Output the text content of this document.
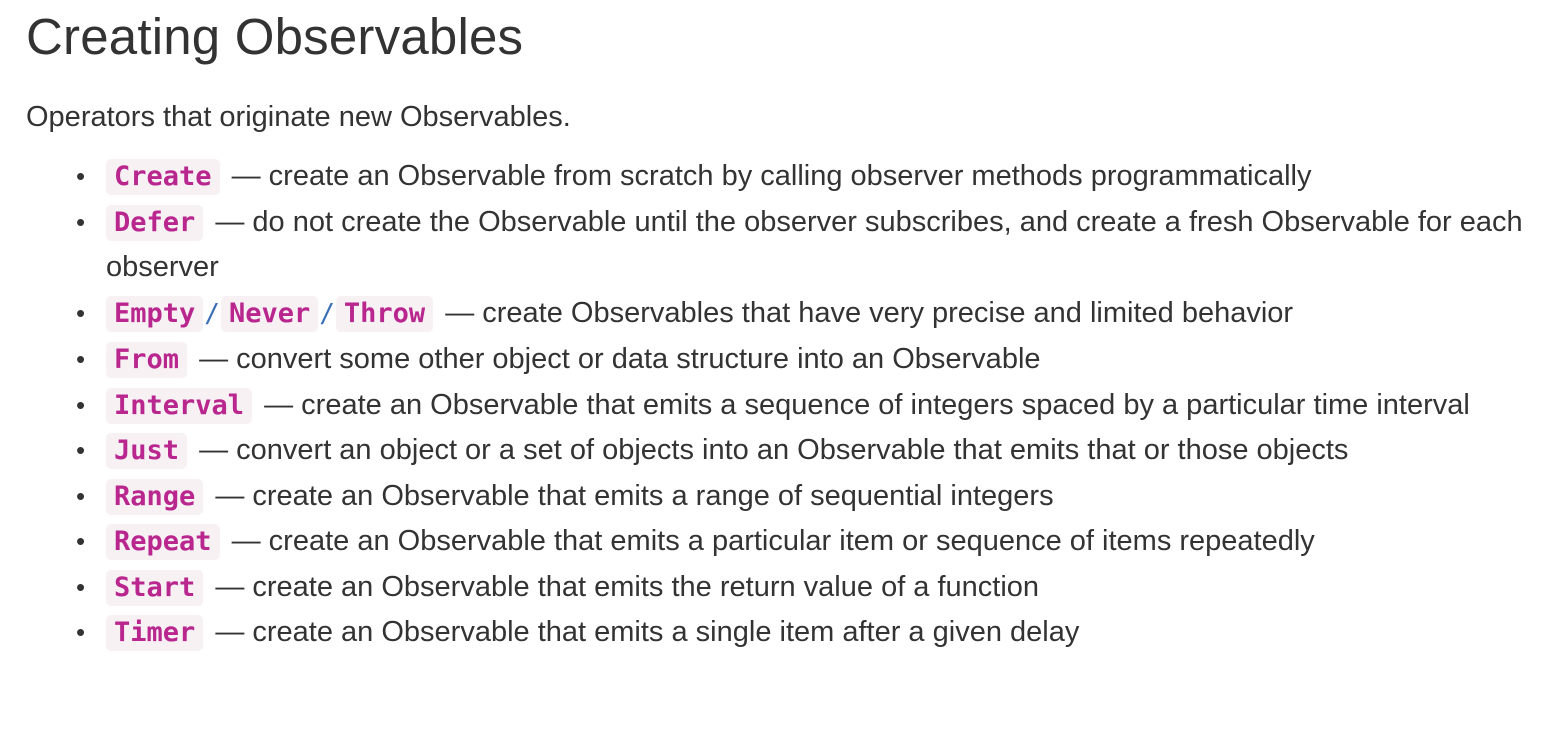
Creating Observables

Operators that originate new Observables.

• Create — create an Observable from scratch by calling observer methods programmatically
• Defer — do not create the Observable until the observer subscribes, and create a fresh Observable for each observer
• Empty / Never / Throw — create Observables that have very precise and limited behavior
• From — convert some other object or data structure into an Observable
• Interval — create an Observable that emits a sequence of integers spaced by a particular time interval
• Just — convert an object or a set of objects into an Observable that emits that or those objects
• Range — create an Observable that emits a range of sequential integers
• Repeat — create an Observable that emits a particular item or sequence of items repeatedly
• Start — create an Observable that emits the return value of a function
• Timer — create an Observable that emits a single item after a given delay
